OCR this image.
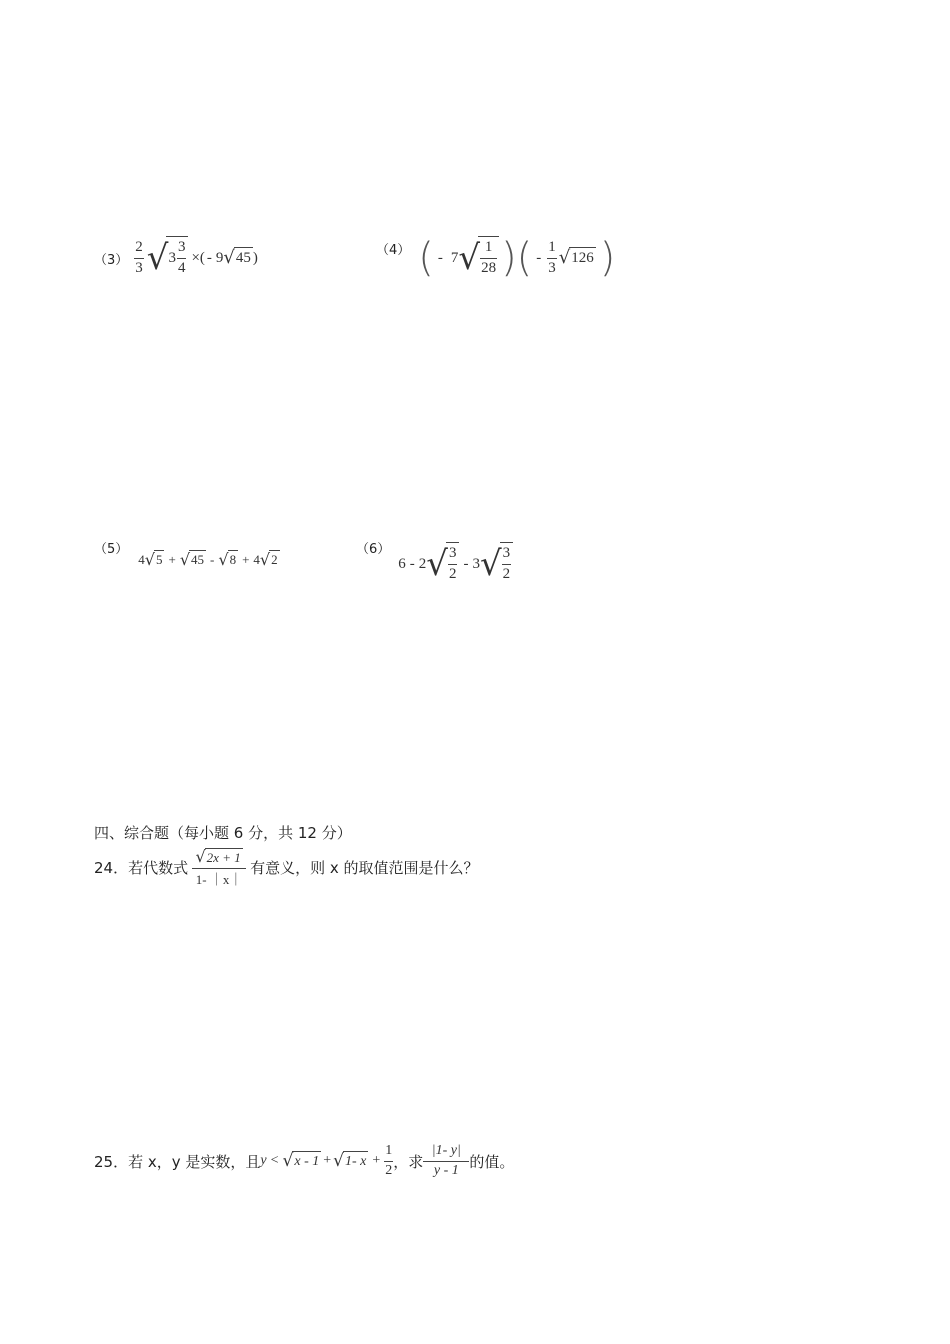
$(3) \frac{2}{3}$ √ $3 \frac{3}{4}$ ×( - 9 √ 45 )	（4） ( - 7 √ $\frac{1}{28}$ ) ( - $\frac{1}{3}$ √ 126 )
（5）
4 √ 5 + √ 45 - √ 8 + 4 √ 2
（6）
6 - 2 √ $\frac{3}{2} - 3$ √ $\frac{3}{2}$
四、综合题（每小题 6 分，共 12 分）
24．若代数式 $\frac{√ 2x + 1}{1- |x|}$ 有意义，则 x 的取值范围是什么？
25．若 x，y 是实数，且 y < √ x - 1 + √ 1- $x + \frac{1}{2}$ ，求 $\frac{|1- y|}{y - 1}$ 的值。
